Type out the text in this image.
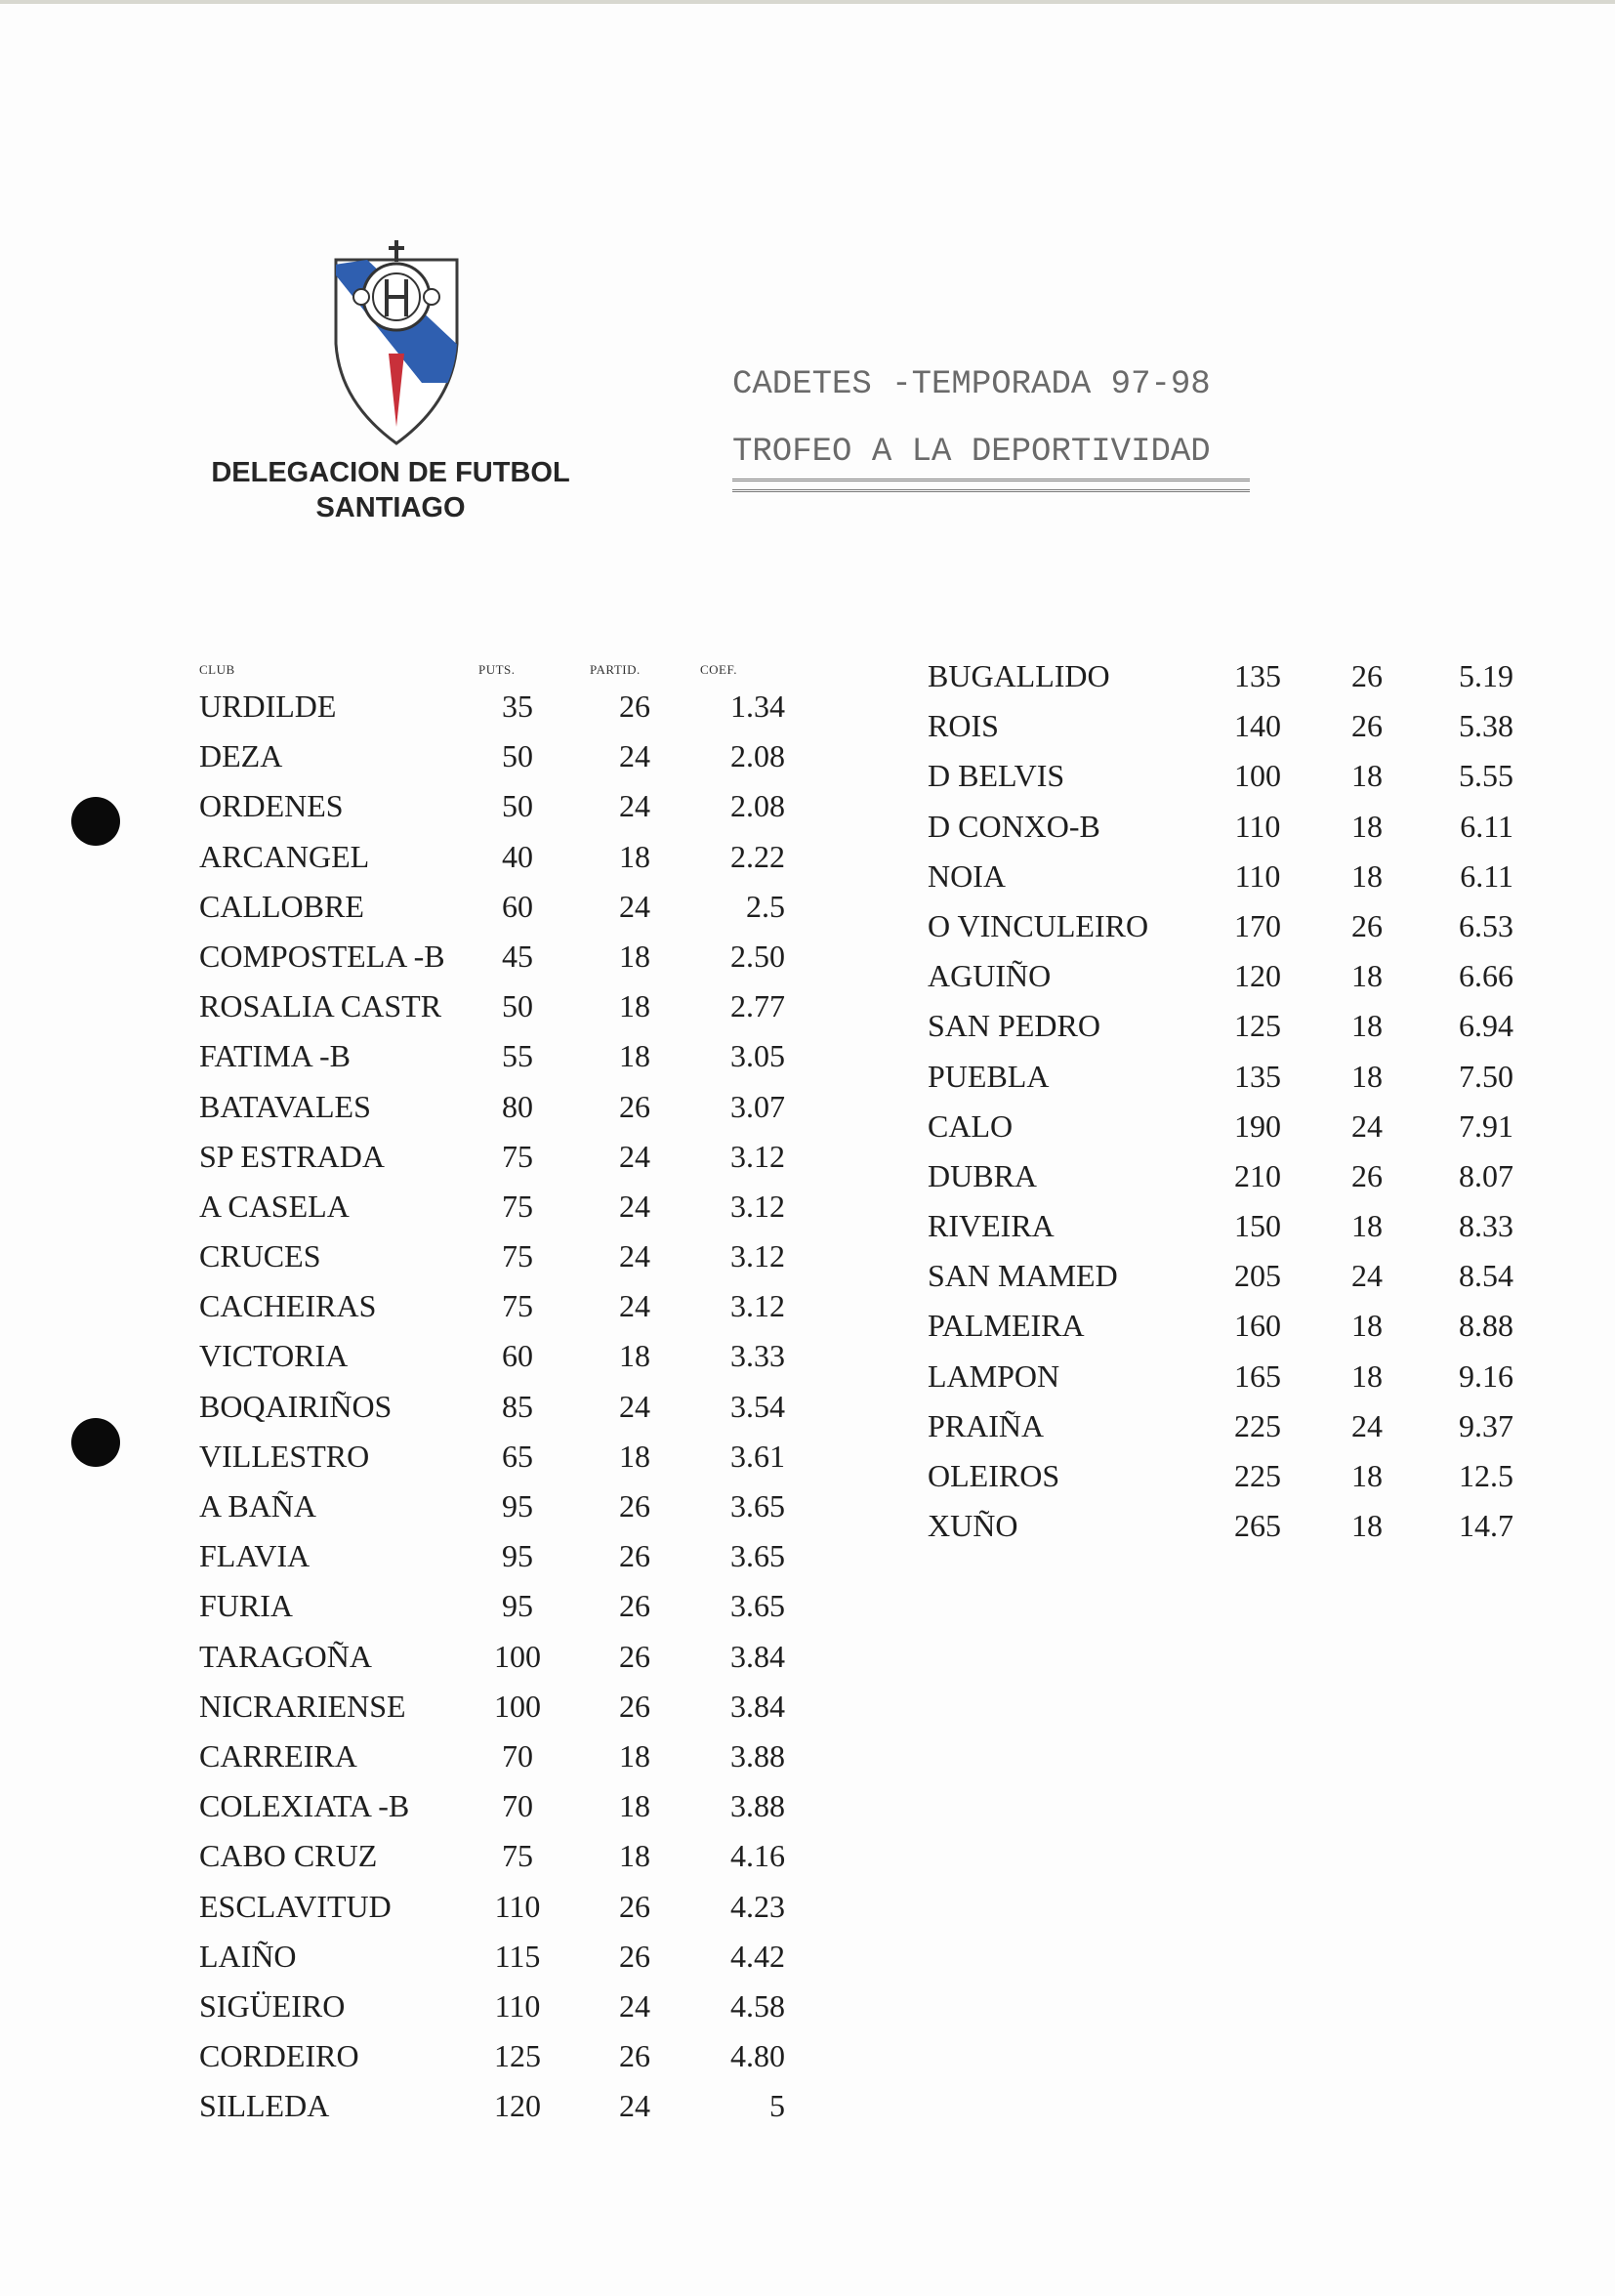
DELEGACION DE FUTBOL
SANTIAGO
CADETES -TEMPORADA 97-98
TROFEO A LA DEPORTIVIDAD
CLUB	PUTS.	PARTID.	COEF.
URDILDE	35	26	1.34
DEZA	50	24	2.08
ORDENES	50	24	2.08
ARCANGEL	40	18	2.22
CALLOBRE	60	24	2.5
COMPOSTELA -B	45	18	2.50
ROSALIA CASTR	50	18	2.77
FATIMA -B	55	18	3.05
BATAVALES	80	26	3.07
SP ESTRADA	75	24	3.12
A CASELA	75	24	3.12
CRUCES	75	24	3.12
CACHEIRAS	75	24	3.12
VICTORIA	60	18	3.33
BOQAIRIÑOS	85	24	3.54
VILLESTRO	65	18	3.61
A BAÑA	95	26	3.65
FLAVIA	95	26	3.65
FURIA	95	26	3.65
TARAGOÑA	100	26	3.84
NICRARIENSE	100	26	3.84
CARREIRA	70	18	3.88
COLEXIATA -B	70	18	3.88
CABO CRUZ	75	18	4.16
ESCLAVITUD	110	26	4.23
LAIÑO	115	26	4.42
SIGÜEIRO	110	24	4.58
CORDEIRO	125	26	4.80
SILLEDA	120	24	5
BUGALLIDO	135	26	5.19
ROIS	140	26	5.38
D BELVIS	100	18	5.55
D CONXO-B	110	18	6.11
NOIA	110	18	6.11
O VINCULEIRO	170	26	6.53
AGUIÑO	120	18	6.66
SAN PEDRO	125	18	6.94
PUEBLA	135	18	7.50
CALO	190	24	7.91
DUBRA	210	26	8.07
RIVEIRA	150	18	8.33
SAN MAMED	205	24	8.54
PALMEIRA	160	18	8.88
LAMPON	165	18	9.16
PRAIÑA	225	24	9.37
OLEIROS	225	18	12.5
XUÑO	265	18	14.7
